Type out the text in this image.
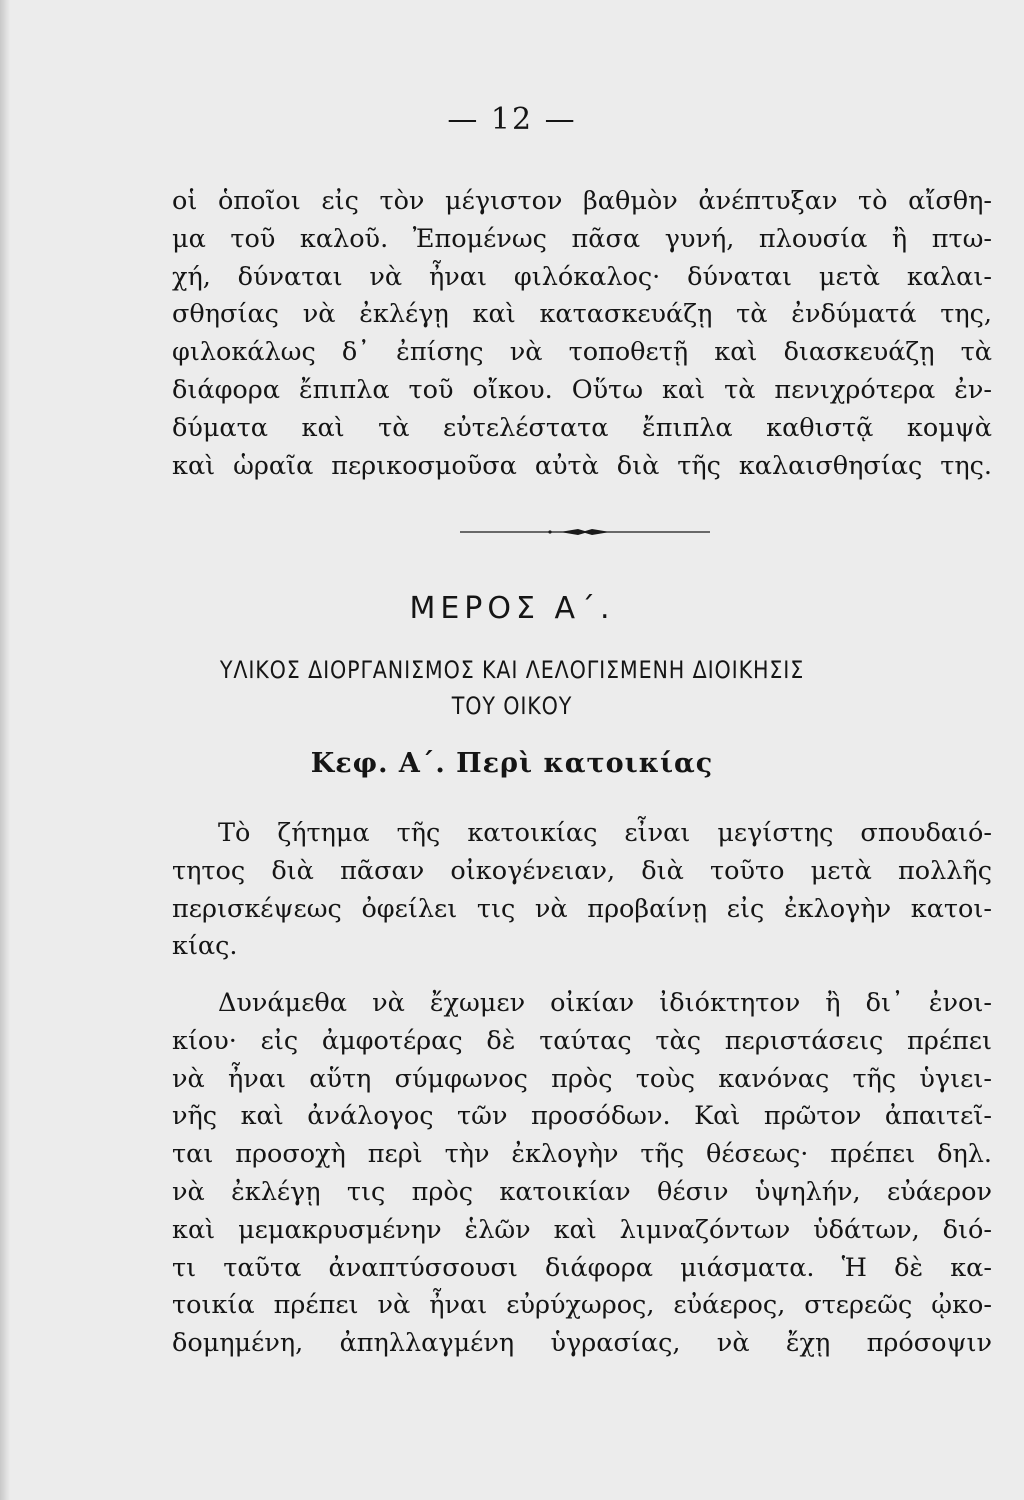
— 12 —
οἱ ὁποῖοι εἰς τὸν μέγιστον βαθμὸν ἀνέπτυξαν τὸ αἴσθη-
μα τοῦ καλοῦ. Ἐπομένως πᾶσα γυνή, πλουσία ἢ πτω-
χή, δύναται νὰ ἦναι φιλόκαλος· δύναται μετὰ καλαι-
σθησίας νὰ ἐκλέγῃ καὶ κατασκευάζῃ τὰ ἐνδύματά της,
φιλοκάλως δ᾽ ἐπίσης νὰ τοποθετῇ καὶ διασκευάζῃ τὰ
διάφορα ἔπιπλα τοῦ οἴκου. Οὕτω καὶ τὰ πενιχρότερα ἐν-
δύματα καὶ τὰ εὐτελέστατα ἔπιπλα καθιστᾷ κομψὰ
καὶ ὡραῖα περικοσμοῦσα αὐτὰ διὰ τῆς καλαισθησίας της.
ΜΕΡΟΣ Α΄.
ΥΛΙΚΟΣ ΔΙΟΡΓΑΝΙΣΜΟΣ ΚΑΙ ΛΕΛΟΓΙΣΜΕΝΗ ΔΙΟΙΚΗΣΙΣ
ΤΟΥ ΟΙΚΟΥ
Κεφ. Α΄. Περὶ κατοικίας
Τὸ ζήτημα τῆς κατοικίας εἶναι μεγίστης σπουδαιό-
τητος διὰ πᾶσαν οἰκογένειαν, διὰ τοῦτο μετὰ πολλῆς
περισκέψεως ὀφείλει τις νὰ προβαίνῃ εἰς ἐκλογὴν κατοι-
κίας.
Δυνάμεθα νὰ ἔχωμεν οἰκίαν ἰδιόκτητον ἢ δι᾽ ἐνοι-
κίου· εἰς ἀμφοτέρας δὲ ταύτας τὰς περιστάσεις πρέπει
νὰ ἦναι αὕτη σύμφωνος πρὸς τοὺς κανόνας τῆς ὑγιει-
νῆς καὶ ἀνάλογος τῶν προσόδων. Καὶ πρῶτον ἀπαιτεῖ-
ται προσοχὴ περὶ τὴν ἐκλογὴν τῆς θέσεως· πρέπει δηλ.
νὰ ἐκλέγῃ τις πρὸς κατοικίαν θέσιν ὑψηλήν, εὐάερον
καὶ μεμακρυσμένην ἑλῶν καὶ λιμναζόντων ὑδάτων, διό-
τι ταῦτα ἀναπτύσσουσι διάφορα μιάσματα. Ἡ δὲ κα-
τοικία πρέπει νὰ ἦναι εὐρύχωρος, εὐάερος, στερεῶς ᾠκο-
δομημένη, ἀπηλλαγμένη ὑγρασίας, νὰ ἔχῃ πρόσοψιν
